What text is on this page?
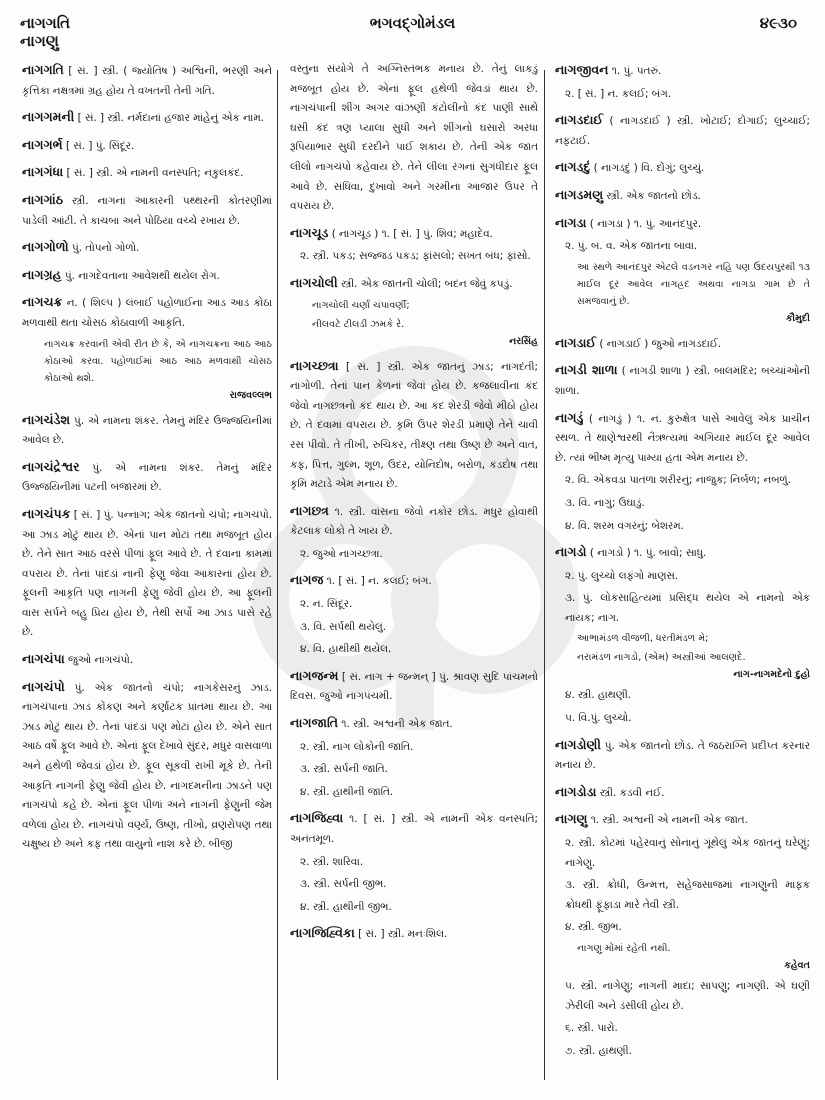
નાગગતિ
નાગણુ
ભગવદ્ગોમંડલ	૪૯૩૦
નાગગતિ [ સં. ] સ્ત્રી. ( જ્યોતિષ ) અશ્વિની, ભરણી અને કૃત્તિકા નક્ષત્રમાં ગ્રહ હોય તે વખતની તેની ગતિ.
નાગગમની [ સં. ] સ્ત્રી. નર્મદાનાં હજાર માંહેનું એક નામ.
નાગગર્ભ [ સં. ] પું. સિંદૂર.
નાગગંધા [ સં. ] સ્ત્રી. એ નામની વનસ્પતિ; નકુલકંદ.
નાગગાંઠ સ્ત્રી. નાગના આકારની પથ્થરની કોતરણીમાં પાડેલી આંટી. તે કાચબા અને પોઠિયા વચ્ચે રખાય છે.
નાગગોળો પું. તોપનો ગોળો.
નાગગ્રહ પું. નાગદેવતાના આવેશથી થયેલ રોગ.
નાગચક્ર ન. ( શિલ્પ ) લંબાઈ પહોળાઈના આડ આડ કોઠા મળવાથી થતા ચોસઠ કોઠાવાળી આકૃતિ.
નાગચક્ર કરવાની એવી રીત છે કે, એ નાગચક્રના આઠ આઠ કોઠાઓ કરવા. પહોળાઈમાં આઠ આઠ મળવાથી ચોસઠ કોઠાઓ થશે.
રાજવલ્લભ
નાગચંડેશ પું. એ નામના શંકર. તેમનું મંદિર ઉજ્જયિનીમાં આવેલ છે.
નાગચંદ્રેશ્વર પું. એ નામના શંકર. તેમનું મંદિર ઉજ્જયિનીમાં પટની બજારમાં છે.
નાગચંપક [ સં. ] પું. પન્નાગ; એક જાતનો ચંપો; નાગચંપો. આ ઝાડ મોટું થાય છે. એનાં પાન મોટાં તથા મજબૂત હોય છે. તેને સાત આઠ વરસે પીળાં ફૂલ આવે છે. તે દવાના કામમાં વપરાય છે. તેનાં પાંદડાં નાની ફેણુ જેવા આકારનાં હોય છે. ફૂલની આકૃતિ પણ નાગની ફેણુ જેવી હોય છે. આ ફૂલની વાસ સર્પને બહુ પ્રિય હોય છે, તેથી સર્પો આ ઝાડ પાસે રહે છે.
નાગચંપા જુઓ નાગચંપો.
નાગચંપો પું. એક જાતનો ચંપો; નાગકેસરનું ઝાડ. નાગચંપાનાં ઝાડ કોંકણ અને કર્ણાટક પ્રાંતમાં થાય છે. આ ઝાડ મોટું થાય છે. તેનાં પાંદડાં પણ મોટાં હોય છે. એને સાત આઠ વર્ષે ફૂલ આવે છે. એનાં ફૂલ દેખાવે સુંદર, મધુર વાસવાળાં અને હથેળી જેવડાં હોય છે. ફૂલ સૂકવી રાખી મૂકે છે. તેની આકૃતિ નાગની ફેણુ જેવી હોય છે. નાગદમનીના ઝાડને પણ નાગચંપો કહે છે. એનાં ફૂલ પીળાં અને નાગની ફેણુની જેમ વળેલાં હોય છે. નાગચંપો વર્ણ્ય, ઉષ્ણ, તીખો, વ્રણરોપણ તથા ચક્ષુષ્ય છે અને કફ તથા વાયુનો નાશ કરે છે. બીજી
વસ્તુના સંયોગે તે અગ્નિસ્તંભક મનાય છે. તેનું લાકડું મજબૂત હોય છે. એનાં ફૂલ હથેળી જેવડાં થાય છે. નાગચંપાની શીંગ અગર વાંઝણી કંટોલીનો કંદ પાણી સાથે ઘસી કંદ ત્રણ પ્યાલા સુધી અને શીંગનો ઘસારો અરધા રૂપિયાભાર સુધી દરદીને પાઈ શકાય છે. તેની એક જાત લીલો નાગચંપો કહેવાય છે. તેને લીલા રંગનાં સુગંધીદાર ફૂલ આવે છે. સંધિવા, દુખાવો અને ગરમીના આજાર ઉપર તે વપરાય છે.
નાગચૂડ ( નાગચૂડ ) ૧. [ સં. ] પું. શિવ; મહાદેવ.
૨. સ્ત્રી. પકડ; સજ્જડ પકડ; ફાંસલો; સખત બંધ; ફાંસો.
નાગચોલી સ્ત્રી. એક જાતની ચોલી; બદન જેવું કપડું.
નાગચોલી ચર્ણાં ચંપાવર્ણી;
નીલવટે ટીલડી ઝમકે રે.
નરસિંહ
નાગચ્છત્રા [ સં. ] સ્ત્રી. એક જાતનું ઝાડ; નાગદંતી; નાગોળી. તેનાં પાન કેળનાં જેવાં હોય છે. કજલાવીના કંદ જેવો નાગછત્રનો કંદ થાય છે. આ કંદ શેરડી જેવો મીઠો હોય છે. તે દવામાં વપરાય છે. કૃમિ ઉપર શેરડી પ્રમાણે તેને ચાવી રસ પીવો. તે તીખી, રુચિકર, તીક્ષ્ણ તથા ઉષ્ણ છે અને વાત, કફ, પિત્ત, ગુલ્મ, શૂળ, ઉદર, યોનિદોષ, બરોળ, કંડદોષ તથા કૃમિ મટાડે એમ મનાય છે.
નાગછત્ર ૧. સ્ત્રી. વાંસના જેવો નકોર છોડ. મધુર હોવાથી કેટલાક લોકો તે ખાય છે.
૨. જુઓ નાગચ્છત્રા.
નાગજ ૧. [ સં. ] ન. કલઈ; બંગ.
૨. ન. સિંદૂર.
૩. વિ. સર્પથી થયેલું.
૪. વિ. હાથીથી થયેલ.
નાગજન્મ [ સં. નાગ + જન્મન્ ] પું. શ્રાવણ સુદિ પાંચમનો દિવસ. જુઓ નાગપંચમી.
નાગજાતિ ૧. સ્ત્રી. અશ્વની એક જાત.
૨. સ્ત્રી. નાગ લોકોની જાતિ.
૩. સ્ત્રી. સર્પની જાતિ.
૪. સ્ત્રી. હાથીની જાતિ.
નાગજિહ્વા ૧. [ સં. ] સ્ત્રી. એ નામની એક વનસ્પતિ; અનંતમૂળ.
૨. સ્ત્રી. શારિવા.
૩. સ્ત્રી. સર્પની જીભ.
૪. સ્ત્રી. હાથીની જીભ.
નાગજિહ્વિકા [ સં. ] સ્ત્રી. મનઃશિલ.
નાગજીવન ૧. પું. પતરું.
૨. [ સં. ] ન. કલઈ; બંગ.
નાગડદાઈ ( નાગડદાઈ ) સ્ત્રી. ખોટાઈ; દોંગાઈ; લુચ્ચાઈ; નફટાઈ.
નાગડદું ( નાગડદું ) વિ. દોંગું; લુચ્ચું.
નાગડમણુ સ્ત્રી. એક જાતનો છોડ.
નાગડા ( નાગડા ) ૧. પું. આનંદપુર.
૨. પું. બ. વ. એક જાતના બાવા.
આ સ્થળે આનંદપુર એટલે વડનગર નહિ પણ ઉદયપુરથી ૧૩ માઈલ દૂર આવેલ નાગહ્રદ અથવા નાગડા ગામ છે તે સમજવાનું છે.
કૌમુદી
નાગડાઈ ( નાગડાઈ ) જુઓ નાગડદાઈ.
નાગડી શાળા ( નાગડી શાળા ) સ્ત્રી. બાલમંદિર; બચ્ચાંઓની શાળા.
નાગડું ( નાગડું ) ૧. ન. કુરુક્ષેત્ર પાસે આવેલું એક પ્રાચીન સ્થળ. તે થાણેશ્વરથી નૈઋત્યમાં અગિયાર માઈલ દૂર આવેલ છે. ત્યાં ભીષ્મ મૃત્યુ પામ્યા હતા એમ મનાય છે.
૨. વિ. એકવડા પાતળા શરીરનું; નાજુક; નિર્બળ; નબળું.
૩. વિ. નાગું; ઉઘાડું.
૪. વિ. શરમ વગરનું; બેશરમ.
નાગડો ( નાગડો ) ૧. પું. બાવો; સાધુ.
૨. પું. લુચ્ચો લફંગો માણસ.
૩. પું. લોકસાહિત્યમાં પ્રસિદ્ધ થયેલ એ નામનો એક નાયક; નાગ.
આભામંડળ વીજળી, ધરતીમંડળ મે;
નરામંડળ નાગડો, (એમ) અસ્ત્રીઆં આલણદે.
નાગ-નાગમદેનો દુહો
૪. સ્ત્રી. હાથણી.
૫. વિ.પું. લુચ્ચો.
નાગડોણી પું. એક જાતનો છોડ. તે જઠરાગ્નિ પ્રદીપ્ત કરનાર મનાય છે.
નાગડોડા સ્ત્રી. કડવી નઈ.
નાગણુ ૧. સ્ત્રી. અશ્વની એ નામની એક જાત.
૨. સ્ત્રી. કોટમાં પહેરવાનું સોનાનું ગૂંથેલું એક જાતનું ઘરેણું; નાગેણુ.
૩. સ્ત્રી. ક્રોધી, ઉન્મત્ત, સહેજસાજમાં નાગણુની માફક ક્રોધથી ફૂંફાડા મારે તેવી સ્ત્રી.
૪. સ્ત્રી. જીભ.
નાગણુ મોંમાં રહેતી નથી.
કહેવત
૫. સ્ત્રી. નાગેણુ; નાગની માદા; સાપણુ; નાગણી. એ ઘણી ઝેરીલી અને ડંસીલી હોય છે.
૬. સ્ત્રી. પારો.
૭. સ્ત્રી. હાથણી.
